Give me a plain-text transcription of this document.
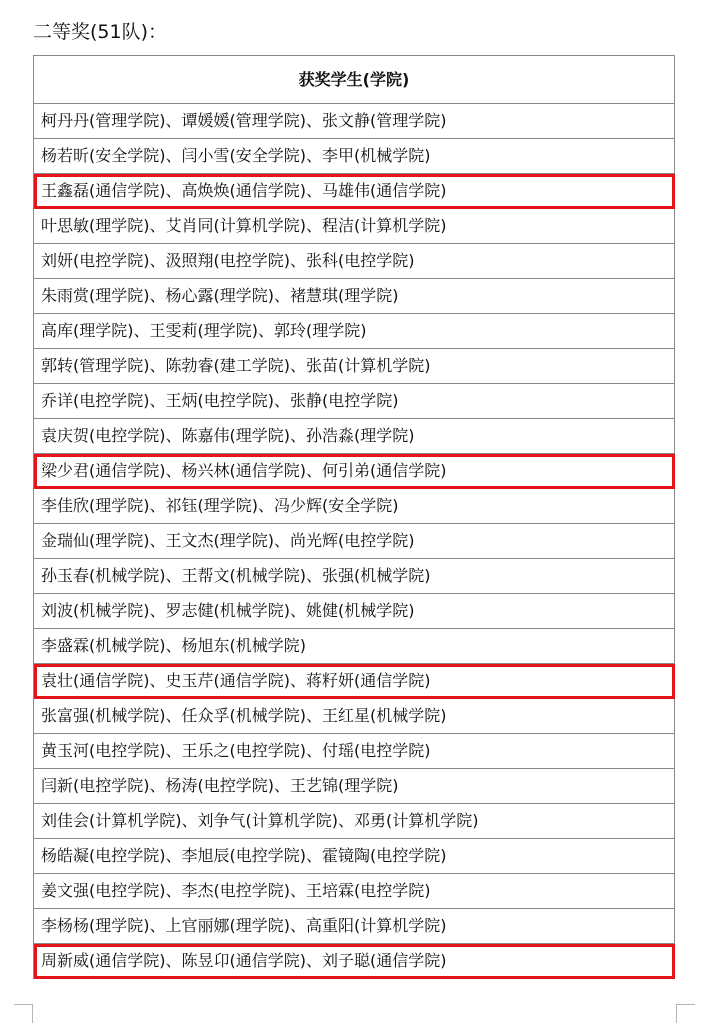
二等奖(51队)：
获奖学生(学院)
柯丹丹(管理学院)、谭媛媛(管理学院)、张文静(管理学院)
杨若昕(安全学院)、闫小雪(安全学院)、李甲(机械学院)
王鑫磊(通信学院)、高焕焕(通信学院)、马雄伟(通信学院)
叶思敏(理学院)、艾肖同(计算机学院)、程洁(计算机学院)
刘妍(电控学院)、汲照翔(电控学院)、张科(电控学院)
朱雨赏(理学院)、杨心露(理学院)、褚慧琪(理学院)
高库(理学院)、王雯莉(理学院)、郭玲(理学院)
郭转(管理学院)、陈勃睿(建工学院)、张苗(计算机学院)
乔详(电控学院)、王炳(电控学院)、张静(电控学院)
袁庆贺(电控学院)、陈嘉伟(理学院)、孙浩淼(理学院)
梁少君(通信学院)、杨兴林(通信学院)、何引弟(通信学院)
李佳欣(理学院)、祁钰(理学院)、冯少辉(安全学院)
金瑞仙(理学院)、王文杰(理学院)、尚光辉(电控学院)
孙玉春(机械学院)、王帮文(机械学院)、张强(机械学院)
刘波(机械学院)、罗志健(机械学院)、姚健(机械学院)
李盛霖(机械学院)、杨旭东(机械学院)
袁壮(通信学院)、史玉芹(通信学院)、蒋籽妍(通信学院)
张富强(机械学院)、任众孚(机械学院)、王红星(机械学院)
黄玉河(电控学院)、王乐之(电控学院)、付瑶(电控学院)
闫新(电控学院)、杨涛(电控学院)、王艺锦(理学院)
刘佳会(计算机学院)、刘争气(计算机学院)、邓勇(计算机学院)
杨皓凝(电控学院)、李旭辰(电控学院)、霍镜陶(电控学院)
姜文强(电控学院)、李杰(电控学院)、王培霖(电控学院)
李杨杨(理学院)、上官丽娜(理学院)、高重阳(计算机学院)
周新威(通信学院)、陈昱卬(通信学院)、刘子聪(通信学院)
